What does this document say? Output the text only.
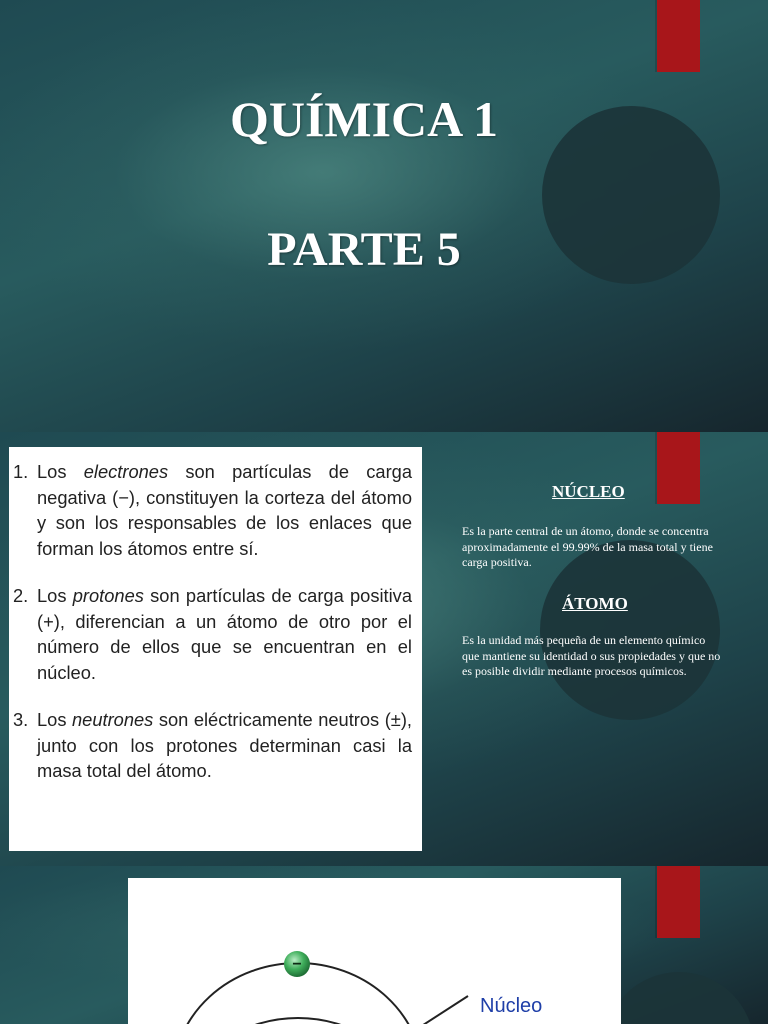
QUÍMICA 1
PARTE 5
1. Los electrones son partículas de carga negativa (−), constituyen la corteza del átomo y son los responsables de los enlaces que forman los átomos entre sí.
2. Los protones son partículas de carga positiva (+), diferencian a un átomo de otro por el número de ellos que se encuentran en el núcleo.
3. Los neutrones son eléctricamente neutros (±), junto con los protones determinan casi la masa total del átomo.
NÚCLEO
Es la parte central de un átomo, donde se concentra aproximadamente el 99.99% de la masa total y tiene carga positiva.
ÁTOMO
Es la unidad más pequeña de un elemento químico que mantiene su identidad o sus propiedades y que no es posible dividir mediante procesos químicos.
−
Núcleo
